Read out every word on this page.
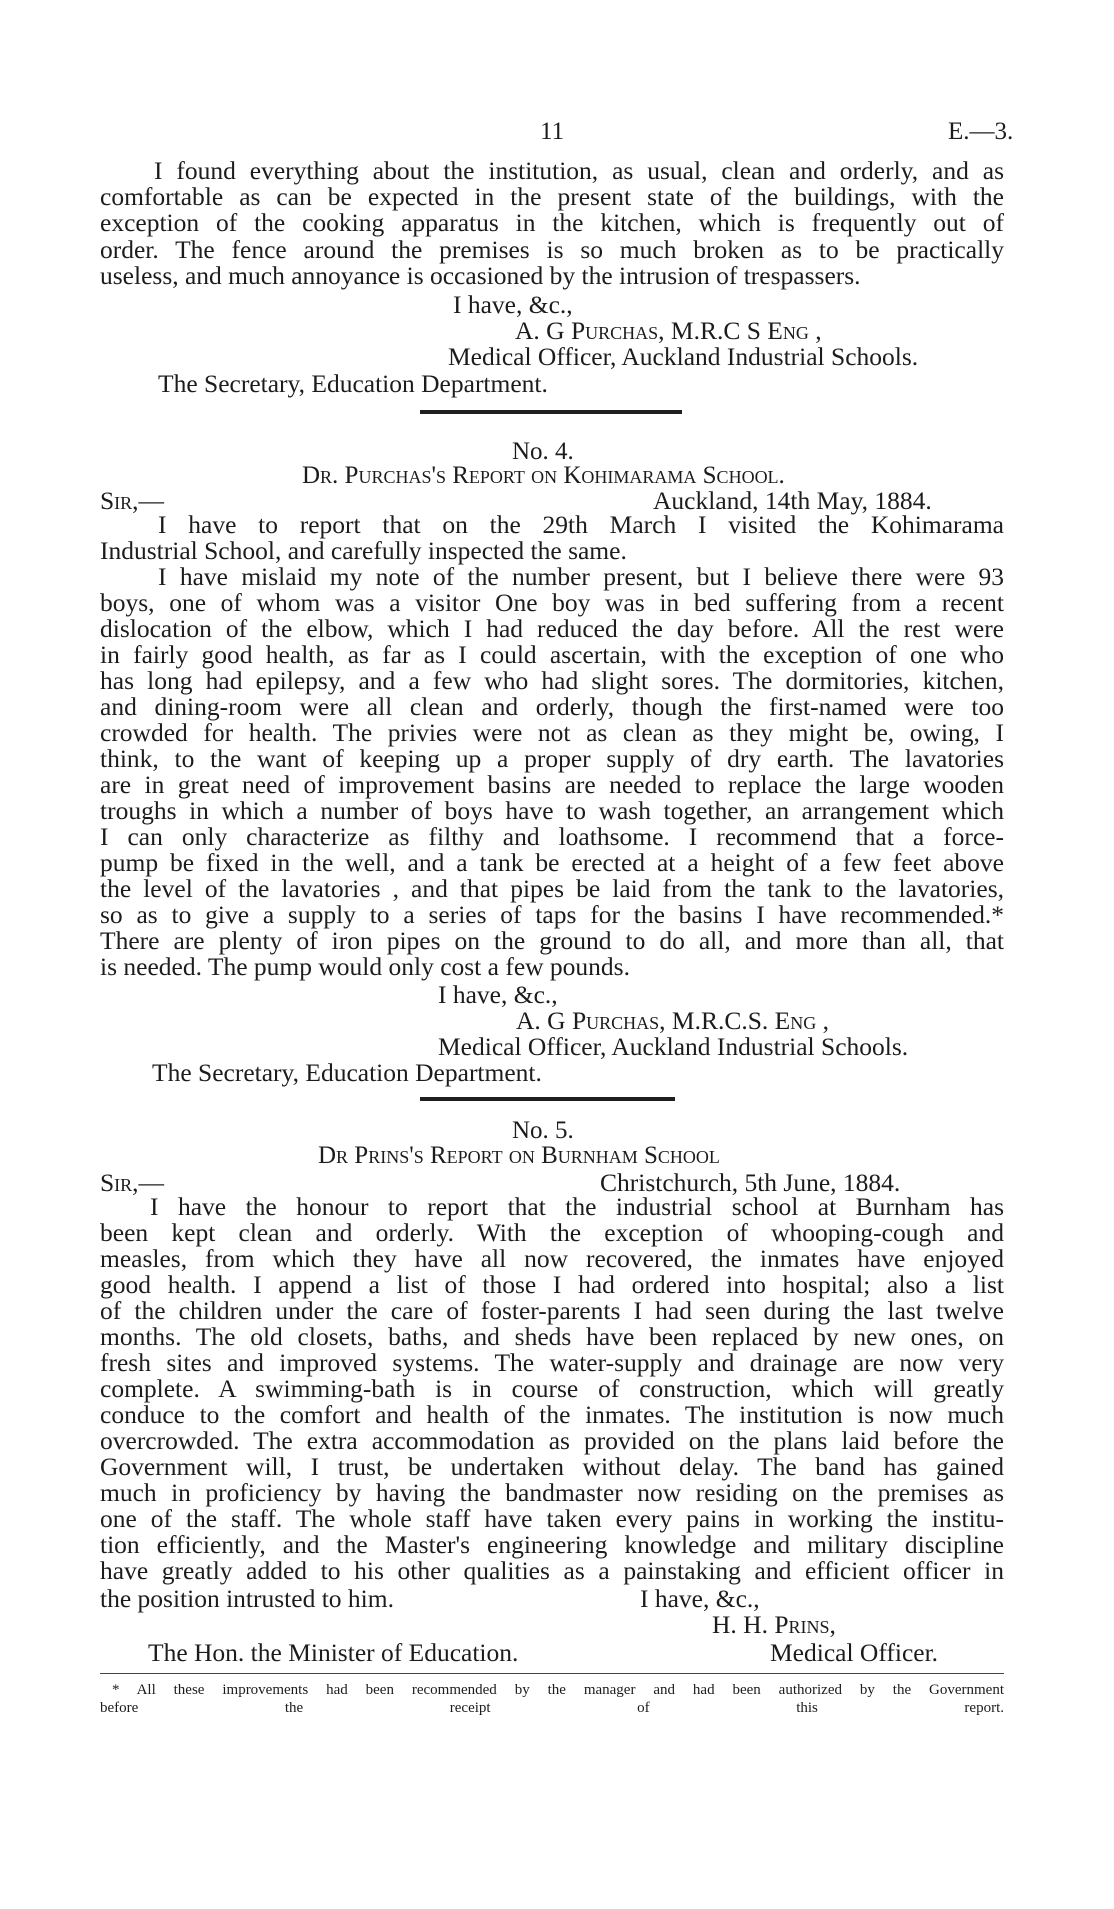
11	E.—3.
I found everything about the institution, as usual, clean and orderly, and as
comfortable as can be expected in the present state of the buildings, with the
exception of the cooking apparatus in the kitchen, which is frequently out of
order. The fence around the premises is so much broken as to be practically
useless, and much annoyance is occasioned by the intrusion of trespassers.
I have, &c.,
A. G Purchas, M.R.C S Eng ,
Medical Officer, Auckland Industrial Schools.
The Secretary, Education Department.
No. 4.
Dr. Purchas's Report on Kohimarama School.
Sir,—	Auckland, 14th May, 1884.
I have to report that on the 29th March I visited the Kohimarama
Industrial School, and carefully inspected the same.
I have mislaid my note of the number present, but I believe there were 93
boys, one of whom was a visitor One boy was in bed suffering from a recent
dislocation of the elbow, which I had reduced the day before. All the rest were
in fairly good health, as far as I could ascertain, with the exception of one who
has long had epilepsy, and a few who had slight sores. The dormitories, kitchen,
and dining-room were all clean and orderly, though the first-named were too
crowded for health. The privies were not as clean as they might be, owing, I
think, to the want of keeping up a proper supply of dry earth. The lavatories
are in great need of improvement basins are needed to replace the large wooden
troughs in which a number of boys have to wash together, an arrangement which
I can only characterize as filthy and loathsome. I recommend that a force-
pump be fixed in the well, and a tank be erected at a height of a few feet above
the level of the lavatories , and that pipes be laid from the tank to the lavatories,
so as to give a supply to a series of taps for the basins I have recommended.*
There are plenty of iron pipes on the ground to do all, and more than all, that
is needed. The pump would only cost a few pounds.
I have, &c.,
A. G Purchas, M.R.C.S. Eng ,
Medical Officer, Auckland Industrial Schools.
The Secretary, Education Department.
No. 5.
Dr Prins's Report on Burnham School
Sir,—	Christchurch, 5th June, 1884.
I have the honour to report that the industrial school at Burnham has
been kept clean and orderly. With the exception of whooping-cough and
measles, from which they have all now recovered, the inmates have enjoyed
good health. I append a list of those I had ordered into hospital; also a list
of the children under the care of foster-parents I had seen during the last twelve
months. The old closets, baths, and sheds have been replaced by new ones, on
fresh sites and improved systems. The water-supply and drainage are now very
complete. A swimming-bath is in course of construction, which will greatly
conduce to the comfort and health of the inmates. The institution is now much
overcrowded. The extra accommodation as provided on the plans laid before the
Government will, I trust, be undertaken without delay. The band has gained
much in proficiency by having the bandmaster now residing on the premises as
one of the staff. The whole staff have taken every pains in working the institu-
tion efficiently, and the Master's engineering knowledge and military discipline
have greatly added to his other qualities as a painstaking and efficient officer in
the position intrusted to him.	I have, &c.,
H. H. Prins,
The Hon. the Minister of Education.	Medical Officer.
* All these improvements had been recommended by the manager and had been authorized by the Government
before the receipt of this report.
